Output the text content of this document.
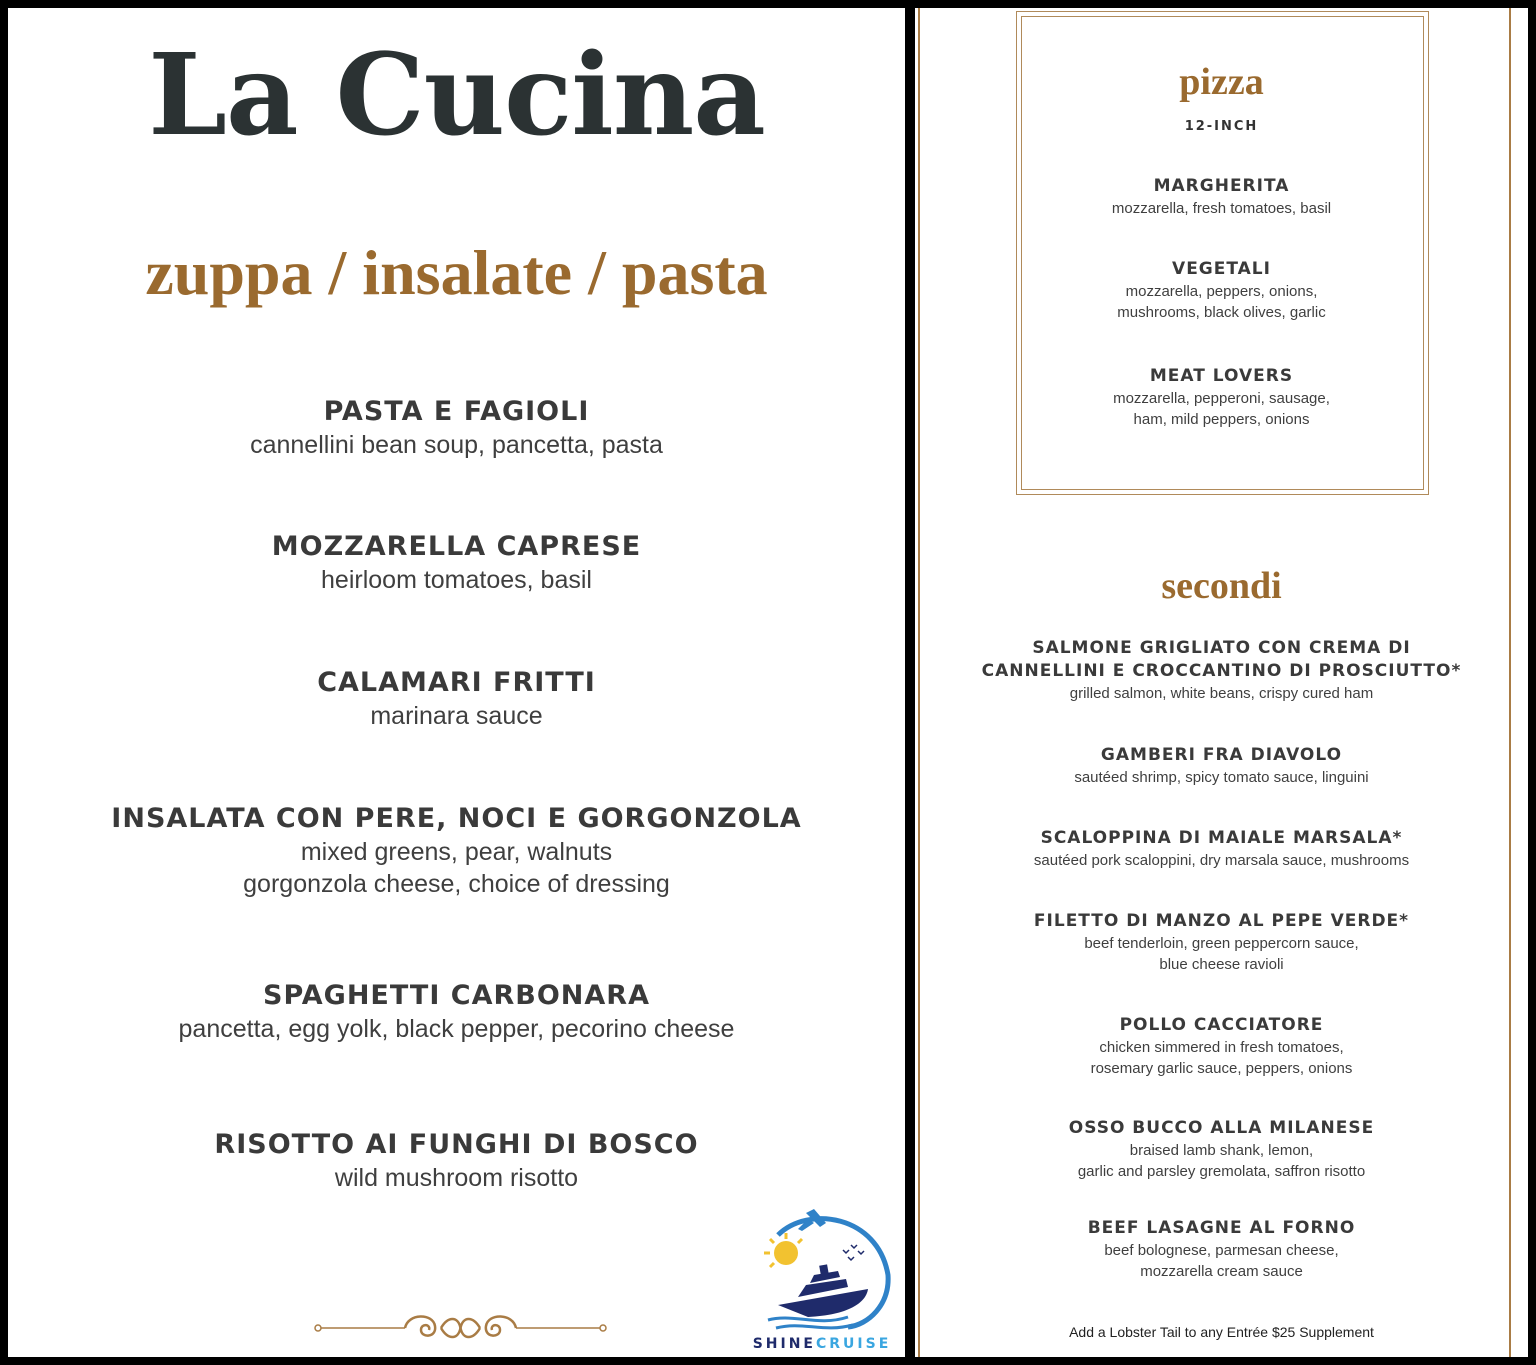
La Cucina
zuppa / insalate / pasta
PASTA E FAGIOLI
cannellini bean soup, pancetta, pasta
MOZZARELLA CAPRESE
heirloom tomatoes, basil
CALAMARI FRITTI
marinara sauce
INSALATA CON PERE, NOCI E GORGONZOLA
mixed greens, pear, walnuts
gorgonzola cheese, choice of dressing
SPAGHETTI CARBONARA
pancetta, egg yolk, black pepper, pecorino cheese
RISOTTO AI FUNGHI DI BOSCO
wild mushroom risotto
SHINECRUISE
pizza
12-INCH
MARGHERITA
mozzarella, fresh tomatoes, basil
VEGETALI
mozzarella, peppers, onions,
mushrooms, black olives, garlic
MEAT LOVERS
mozzarella, pepperoni, sausage,
ham, mild peppers, onions
secondi
SALMONE GRIGLIATO CON CREMA DI
CANNELLINI E CROCCANTINO DI PROSCIUTTO*
grilled salmon, white beans, crispy cured ham
GAMBERI FRA DIAVOLO
sautéed shrimp, spicy tomato sauce, linguini
SCALOPPINA DI MAIALE MARSALA*
sautéed pork scaloppini, dry marsala sauce, mushrooms
FILETTO DI MANZO AL PEPE VERDE*
beef tenderloin, green peppercorn sauce,
blue cheese ravioli
POLLO CACCIATORE
chicken simmered in fresh tomatoes,
rosemary garlic sauce, peppers, onions
OSSO BUCCO ALLA MILANESE
braised lamb shank, lemon,
garlic and parsley gremolata, saffron risotto
BEEF LASAGNE AL FORNO
beef bolognese, parmesan cheese,
mozzarella cream sauce
Add a Lobster Tail to any Entrée $25 Supplement
